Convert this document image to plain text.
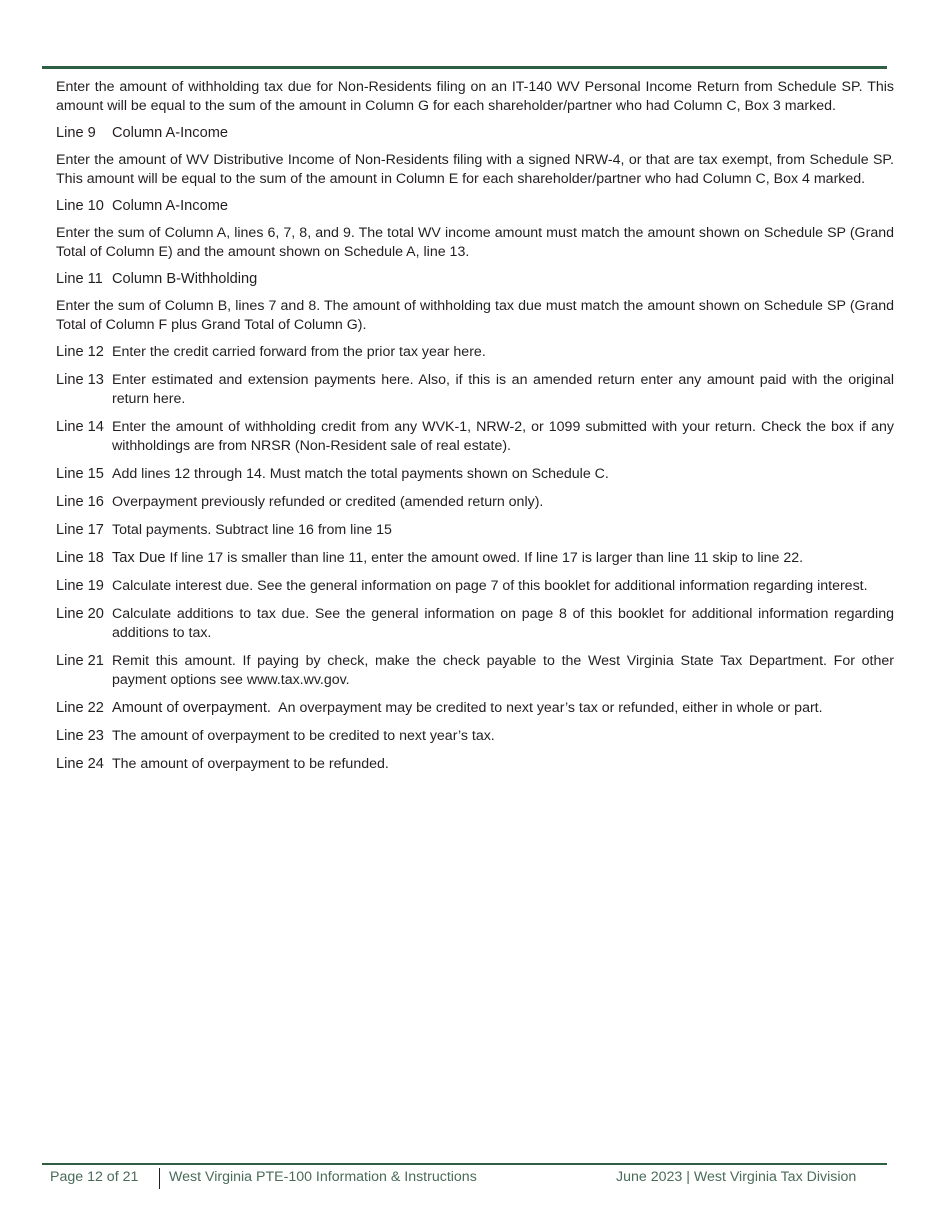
Enter the amount of withholding tax due for Non-Residents filing on an IT-140 WV Personal Income Return from Schedule SP. This amount will be equal to the sum of the amount in Column G for each shareholder/partner who had Column C, Box 3 marked.

Line 9 Column A-Income

Enter the amount of WV Distributive Income of Non-Residents filing with a signed NRW-4, or that are tax exempt, from Schedule SP. This amount will be equal to the sum of the amount in Column E for each shareholder/partner who had Column C, Box 4 marked.

Line 10 Column A-Income

Enter the sum of Column A, lines 6, 7, 8, and 9. The total WV income amount must match the amount shown on Schedule SP (Grand Total of Column E) and the amount shown on Schedule A, line 13.

Line 11 Column B-Withholding

Enter the sum of Column B, lines 7 and 8. The amount of withholding tax due must match the amount shown on Schedule SP (Grand Total of Column F plus Grand Total of Column G).

Line 12 Enter the credit carried forward from the prior tax year here.
Line 13 Enter estimated and extension payments here. Also, if this is an amended return enter any amount paid with the original return here.
Line 14 Enter the amount of withholding credit from any WVK-1, NRW-2, or 1099 submitted with your return. Check the box if any withholdings are from NRSR (Non-Resident sale of real estate).
Line 15 Add lines 12 through 14. Must match the total payments shown on Schedule C.
Line 16 Overpayment previously refunded or credited (amended return only).
Line 17 Total payments. Subtract line 16 from line 15
Line 18 Tax Due If line 17 is smaller than line 11, enter the amount owed. If line 17 is larger than line 11 skip to line 22.
Line 19 Calculate interest due. See the general information on page 7 of this booklet for additional information regarding interest.
Line 20 Calculate additions to tax due. See the general information on page 8 of this booklet for additional information regarding additions to tax.
Line 21 Remit this amount. If paying by check, make the check payable to the West Virginia State Tax Department. For other payment options see www.tax.wv.gov.
Line 22 Amount of overpayment. An overpayment may be credited to next year’s tax or refunded, either in whole or part.
Line 23 The amount of overpayment to be credited to next year’s tax.
Line 24 The amount of overpayment to be refunded.
Page 12 of 21 West Virginia PTE-100 Information & Instructions	June 2023 | West Virginia Tax Division
